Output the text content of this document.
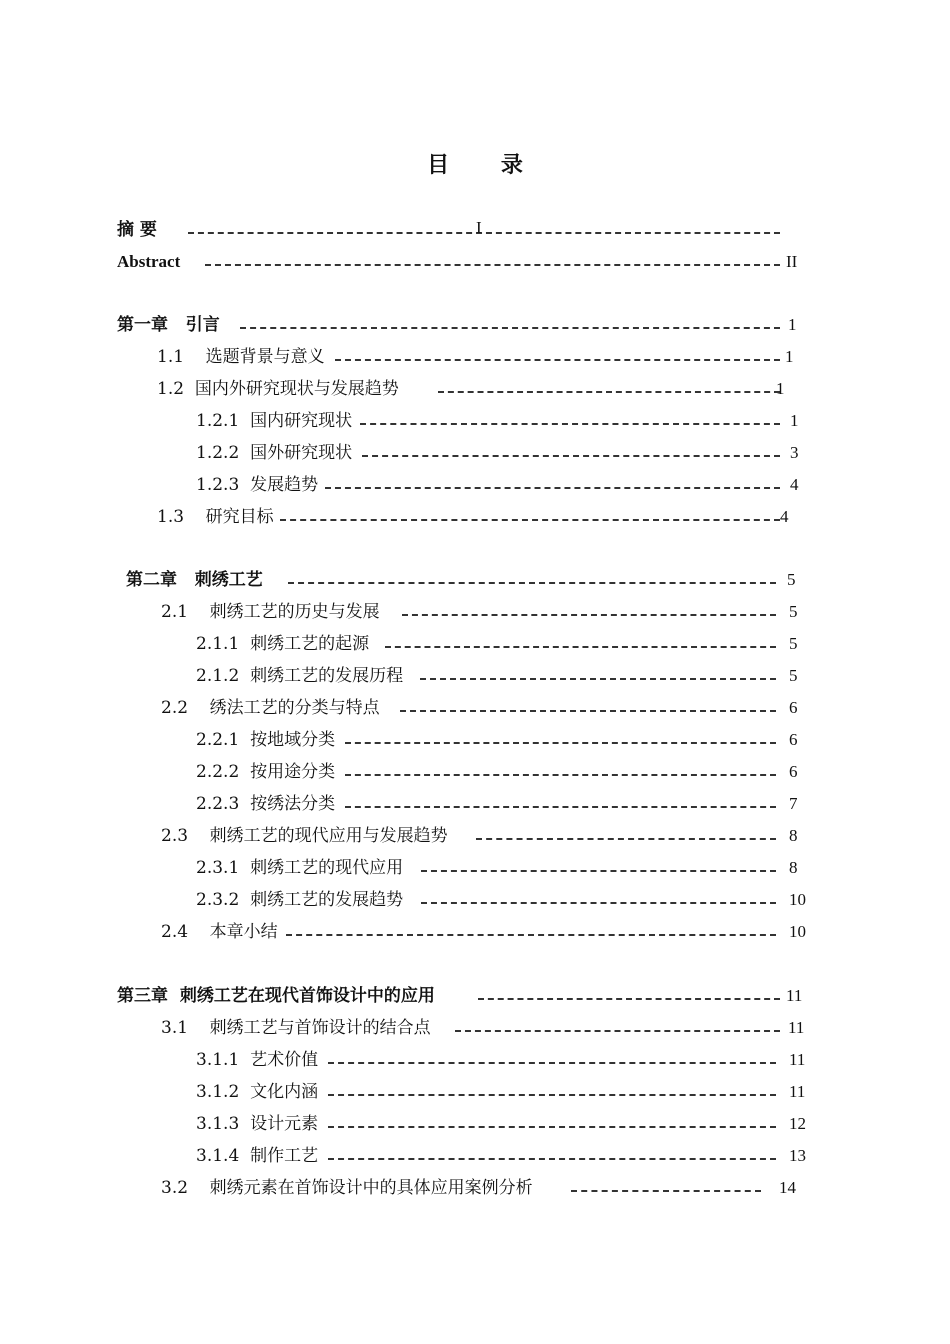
目 录
摘 要	I
Abstract	II
第一章   引言	1
1.1    选题背景与意义	1
1.2  国内外研究现状与发展趋势	1
1.2.1  国内研究现状	1
1.2.2  国外研究现状	3
1.2.3  发展趋势	4
1.3    研究目标	4
第二章   刺绣工艺	5
2.1    刺绣工艺的历史与发展	5
2.1.1  刺绣工艺的起源	5
2.1.2  刺绣工艺的发展历程	5
2.2    绣法工艺的分类与特点	6
2.2.1  按地域分类	6
2.2.2  按用途分类	6
2.2.3  按绣法分类	7
2.3    刺绣工艺的现代应用与发展趋势	8
2.3.1  刺绣工艺的现代应用	8
2.3.2  刺绣工艺的发展趋势	10
2.4    本章小结	10
第三章  刺绣工艺在现代首饰设计中的应用	11
3.1    刺绣工艺与首饰设计的结合点	11
3.1.1  艺术价值	11
3.1.2  文化内涵	11
3.1.3  设计元素	12
3.1.4  制作工艺	13
3.2    刺绣元素在首饰设计中的具体应用案例分析	14
